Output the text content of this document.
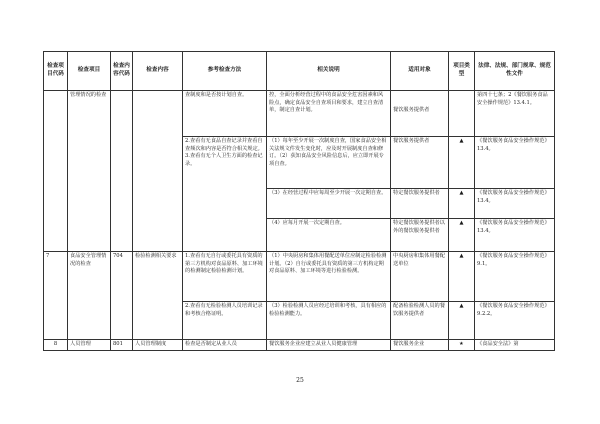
检查项目代码	检查项目	检查内容代码	检查内容	参考检查方法	相关说明	适用对象	项目类型	法律、法规、部门规章、规范性文件
	管理情况的检查			查制度和是否按计划自查。	控，全面分析经营过程中的食品安全危害因素和风险点，确定食品安全自查项目和要求，建立自查清单，制定自查计划。	餐饮服务提供者		第四十七条；2《餐饮服务食品安全操作规范》13.4.1。
				2.查看有无食品自查记录并查看自查频次和内容是否符合相关规定。3.查看有无个人卫生方面的检查记录。	（1）每年至少开展一次制度自查，国家食品安全相关法规文件发生变化时，应及时开展制度自查和修订。（2）获知食品安全风险信息后，应立即开展专项自查。	餐饮服务提供者	▲	《餐饮服务食品安全操作规范》13.4。
					（3）在经营过程中应每周至少开展一次定期自查。	特定餐饮服务提供者	▲	《餐饮服务食品安全操作规范》13.4。
					（4）应每月开展一次定期自查。	特定餐饮服务提供者以外的餐饮服务提供者	▲	《餐饮服务食品安全操作规范》13.4。
7	食品安全管理情况的检查	704	检验检测相关要求	1.查看有无自行或委托具有资质的第三方机构对食品原料、加工环境的检测制定检验检测计划。	（1）中央厨房和集体用餐配送单位应制定检验检测计划。（2）自行或委托具有资质的第三方机构定期对食品原料、加工环境等进行检验检测。	中央厨房和集体用餐配送单位	▲	《餐饮服务食品安全操作规范》9.1。
				2.查看有无检验检测人员培训记录和考核合格证明。	（3）检验检测人员应经过培训和考核，具有相应的检验检测能力。	配备检验检测人员的餐饮服务提供者	▲	《餐饮服务食品安全操作规范》9.2.2。
8	人员管理	801	人员管理制度	检查是否制定从业人员	餐饮服务企业应建立从业人员健康管理	餐饮服务企业	★	《食品安全法》第
25
